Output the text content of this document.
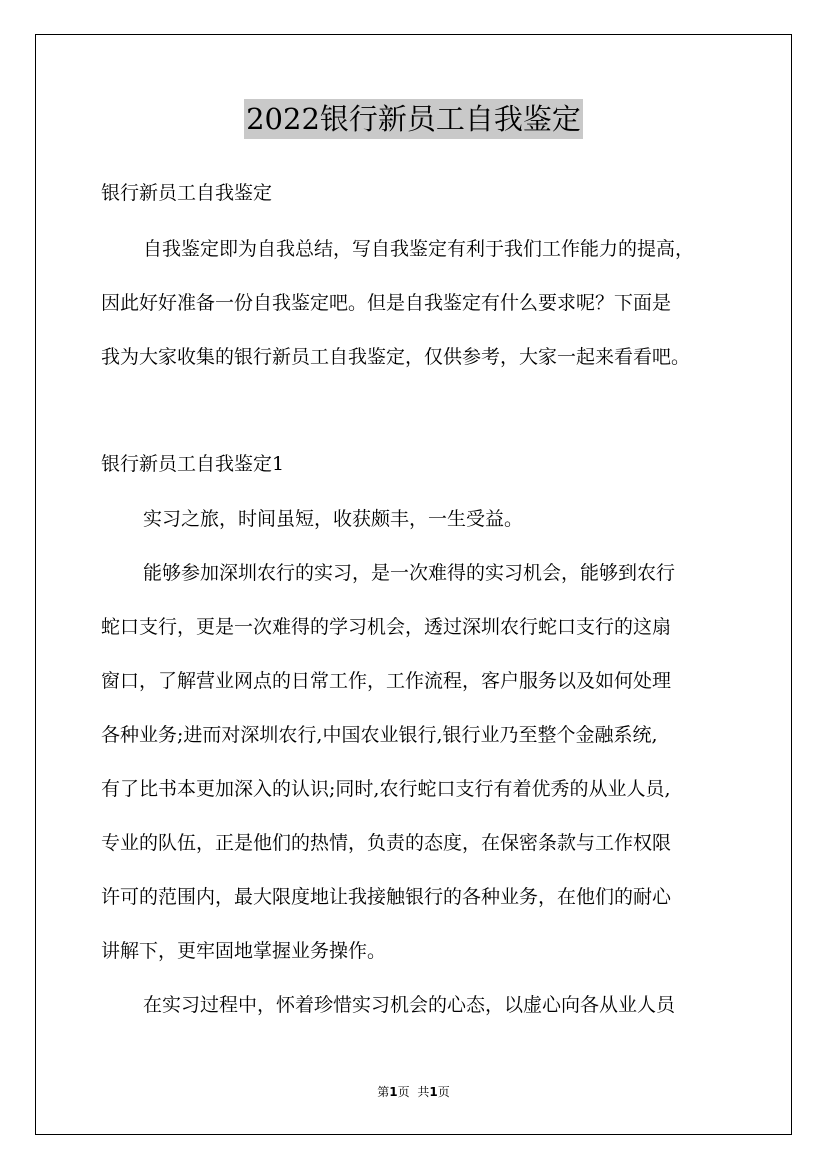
2022银行新员工自我鉴定

银行新员工自我鉴定

自我鉴定即为自我总结，写自我鉴定有利于我们工作能力的提高，

因此好好准备一份自我鉴定吧。但是自我鉴定有什么要求呢？下面是

我为大家收集的银行新员工自我鉴定，仅供参考，大家一起来看看吧。

银行新员工自我鉴定1

实习之旅，时间虽短，收获颇丰，一生受益。

能够参加深圳农行的实习，是一次难得的实习机会，能够到农行

蛇口支行，更是一次难得的学习机会，透过深圳农行蛇口支行的这扇

窗口，了解营业网点的日常工作，工作流程，客户服务以及如何处理

各种业务;进而对深圳农行,中国农业银行,银行业乃至整个金融系统,

有了比书本更加深入的认识;同时,农行蛇口支行有着优秀的从业人员,

专业的队伍，正是他们的热情，负责的态度，在保密条款与工作权限

许可的范围内，最大限度地让我接触银行的各种业务，在他们的耐心

讲解下，更牢固地掌握业务操作。

在实习过程中，怀着珍惜实习机会的心态，以虚心向各从业人员

第1页 共1页
